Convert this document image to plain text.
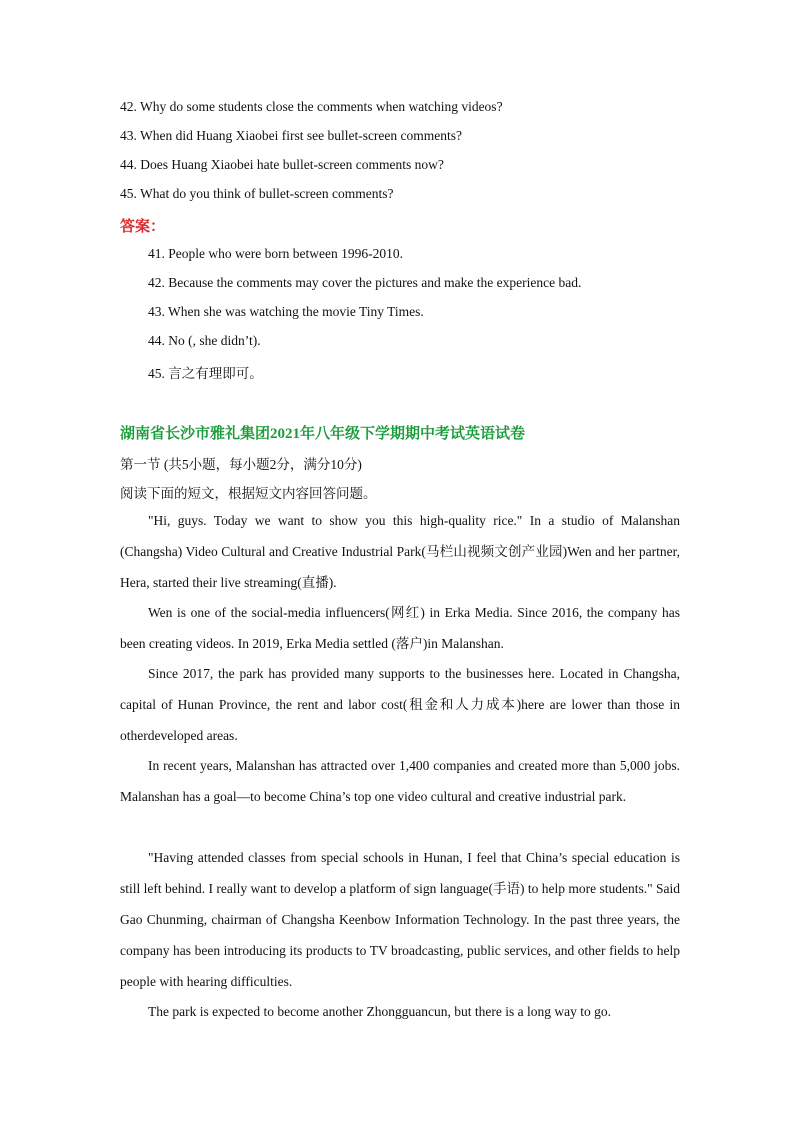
42. Why do some students close the comments when watching videos?
43. When did Huang Xiaobei first see bullet-screen comments?
44. Does Huang Xiaobei hate bullet-screen comments now?
45. What do you think of bullet-screen comments?
答案：
41. People who were born between 1996-2010.
42. Because the comments may cover the pictures and make the experience bad.
43. When she was watching the movie Tiny Times.
44. No (, she didn’t).
45. 言之有理即可。
湖南省长沙市雅礼集团2021年八年级下学期期中考试英语试卷
第一节 (共5小题，每小题2分，满分10分)
阅读下面的短文，根据短文内容回答问题。
"Hi, guys. Today we want to show you this high-quality rice." In a studio of Malanshan (Changsha) Video Cultural and Creative Industrial Park(马栏山视频文创产业园)Wen and her partner, Hera, started their live streaming(直播).
Wen is one of the social-media influencers(网红) in Erka Media. Since 2016, the company has been creating videos. In 2019, Erka Media settled (落户)in Malanshan.
Since 2017, the park has provided many supports to the businesses here. Located in Changsha, capital of Hunan Province, the rent and labor cost(租金和人力成本)here are lower than those in otherdeveloped areas.
In recent years, Malanshan has attracted over 1,400 companies and created more than 5,000 jobs. Malanshan has a goal—to become China’s top one video cultural and creative industrial park.
"Having attended classes from special schools in Hunan, I feel that China’s special education is still left behind. I really want to develop a platform of sign language(手语) to help more students." Said Gao Chunming, chairman of Changsha Keenbow Information Technology. In the past three years, the company has been introducing its products to TV broadcasting, public services, and other fields to help people with hearing difficulties.
The park is expected to become another Zhongguancun, but there is a long way to go.
